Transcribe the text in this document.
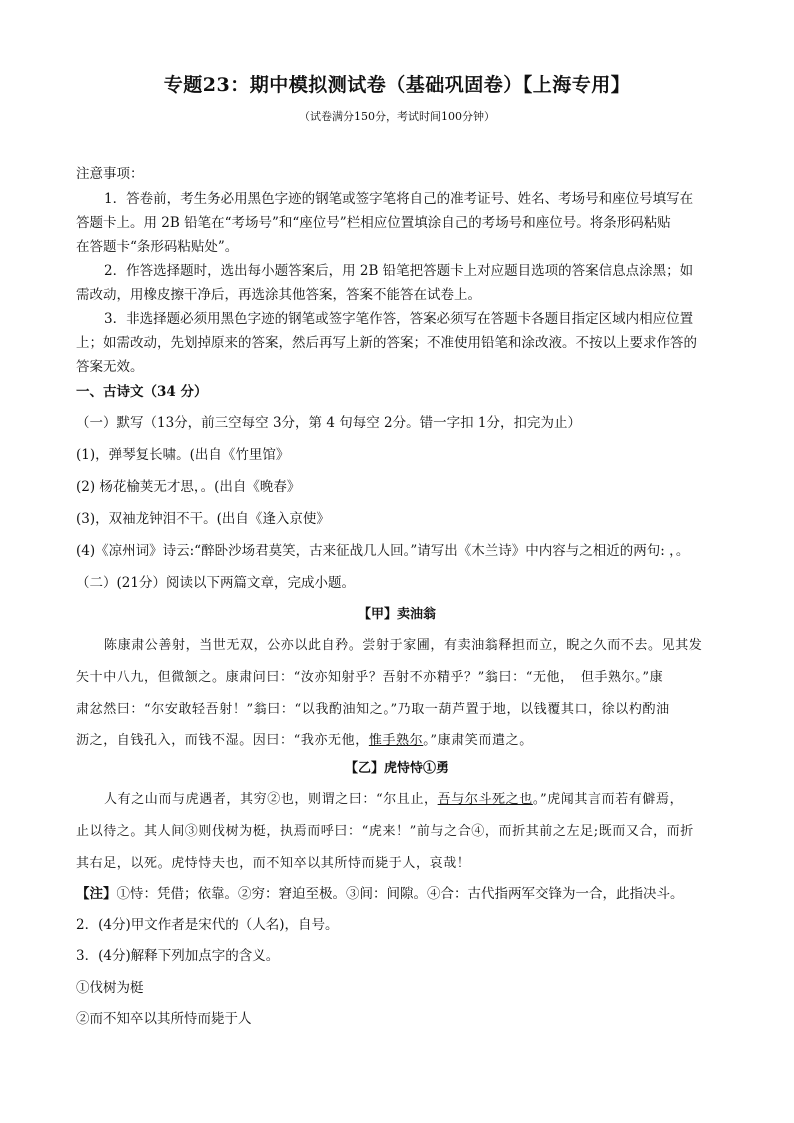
专题23：期中模拟测试卷（基础巩固卷）【上海专用】
（试卷满分150分，考试时间100分钟）
注意事项：
1．答卷前，考生务必用黑色字迹的钢笔或签字笔将自己的准考证号、姓名、考场号和座位号填写在
答题卡上。用 2B 铅笔在“考场号”和“座位号”栏相应位置填涂自己的考场号和座位号。将条形码粘贴
在答题卡“条形码粘贴处”。
2．作答选择题时，选出每小题答案后，用 2B 铅笔把答题卡上对应题目选项的答案信息点涂黑；如
需改动，用橡皮擦干净后，再选涂其他答案，答案不能答在试卷上。
3．非选择题必须用黑色字迹的钢笔或签字笔作答，答案必须写在答题卡各题目指定区域内相应位置
上；如需改动，先划掉原来的答案，然后再写上新的答案；不准使用铅笔和涂改液。不按以上要求作答的
答案无效。
一、古诗文（34 分）
（一）默写（13分，前三空每空 3分，第 4 句每空 2分。错一字扣 1分，扣完为止）
(1)，弹琴复长啸。(出自《竹里馆》
(2) 杨花榆荚无才思，。(出自《晚春》
(3)，双袖龙钟泪不干。(出自《逢入京使》
(4)《凉州词》诗云:“醉卧沙场君莫笑，古来征战几人回。”请写出《木兰诗》中内容与之相近的两句: ，。
（二）(21分）阅读以下两篇文章，完成小题。
【甲】卖油翁
陈康肃公善射，当世无双，公亦以此自矜。尝射于家圃，有卖油翁释担而立，睨之久而不去。见其发
矢十中八九，但微颔之。康肃问曰：“汝亦知射乎？吾射不亦精乎？”翁曰：“无他，　但手熟尔。”康
肃忿然曰：“尔安敢轻吾射！”翁曰：“以我酌油知之。”乃取一葫芦置于地，以钱覆其口，徐以杓酌油
沥之，自钱孔入，而钱不湿。因曰：“我亦无他，惟手熟尔。”康肃笑而遣之。
【乙】虎恃恃①勇
人有之山而与虎遇者，其穷②也，则谓之曰：“尔且止，吾与尔斗死之也。”虎闻其言而若有僻焉，
止以待之。其人间③则伐树为梃，执焉而呼曰：“虎来！”前与之合④，而折其前之左足;既而又合，而折
其右足，以死。虎恃恃夫也，而不知卒以其所恃而毙于人，哀哉！
【注】①恃：凭借；依靠。②穷：窘迫至极。③间：间隙。④合：古代指两军交锋为一合，此指决斗。
2．(4分)甲文作者是宋代的（人名)，自号。
3．(4分)解释下列加点字的含义。
①伐树为梃
②而不知卒以其所恃而毙于人
